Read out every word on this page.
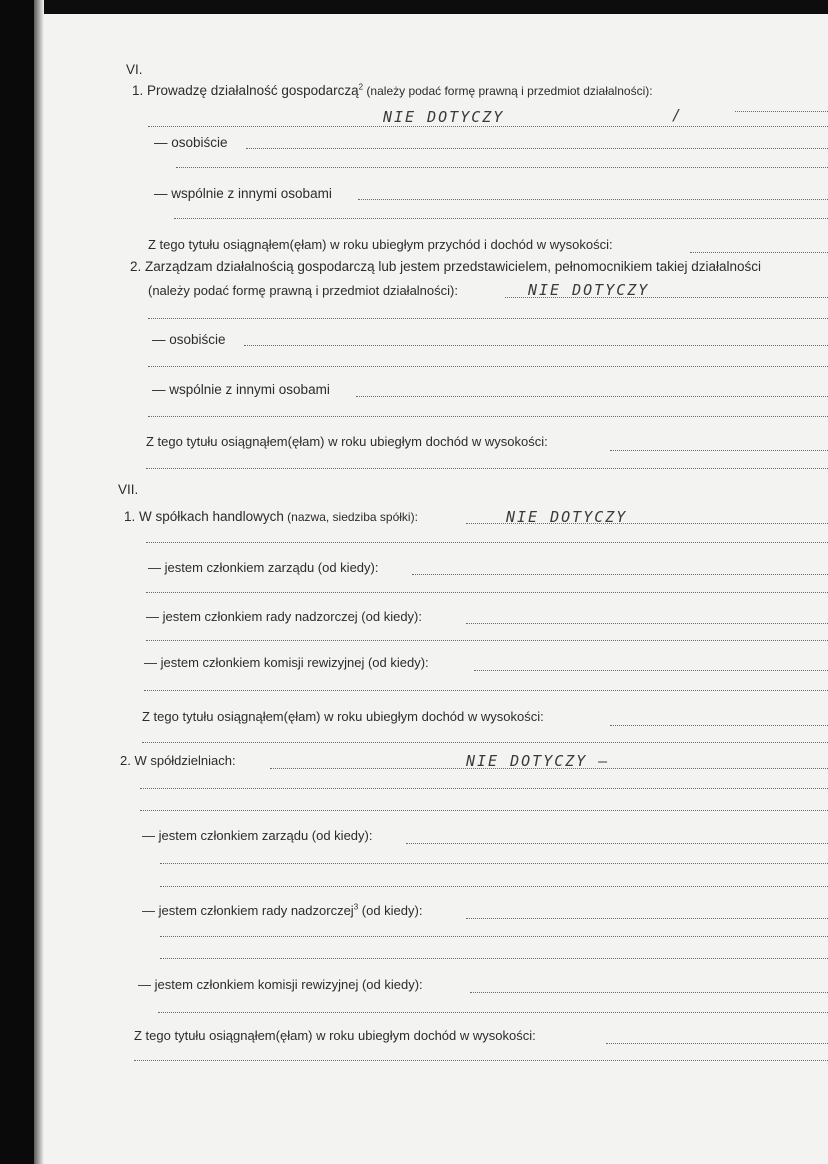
VI.
1. Prowadzę działalność gospodarczą$^2$ (należy podać formę prawną i przedmiot działalności):
NIE DOTYCZY	/
— osobiście
— wspólnie z innymi osobami
Z tego tytułu osiągnąłem(ęłam) w roku ubiegłym przychód i dochód w wysokości:
2. Zarządzam działalnością gospodarczą lub jestem przedstawicielem, pełnomocnikiem takiej działalności
(należy podać formę prawną i przedmiot działalności):	NIE DOTYCZY
— osobiście
— wspólnie z innymi osobami
Z tego tytułu osiągnąłem(ęłam) w roku ubiegłym dochód w wysokości:
VII.
1. W spółkach handlowych (nazwa, siedziba spółki):	NIE DOTYCZY
— jestem członkiem zarządu (od kiedy):
— jestem członkiem rady nadzorczej (od kiedy):
— jestem członkiem komisji rewizyjnej (od kiedy):
Z tego tytułu osiągnąłem(ęłam) w roku ubiegłym dochód w wysokości:
2. W spółdzielniach:	NIE DOTYCZY —
— jestem członkiem zarządu (od kiedy):
— jestem członkiem rady nadzorczej$^3$ (od kiedy):
— jestem członkiem komisji rewizyjnej (od kiedy):
Z tego tytułu osiągnąłem(ęłam) w roku ubiegłym dochód w wysokości:
